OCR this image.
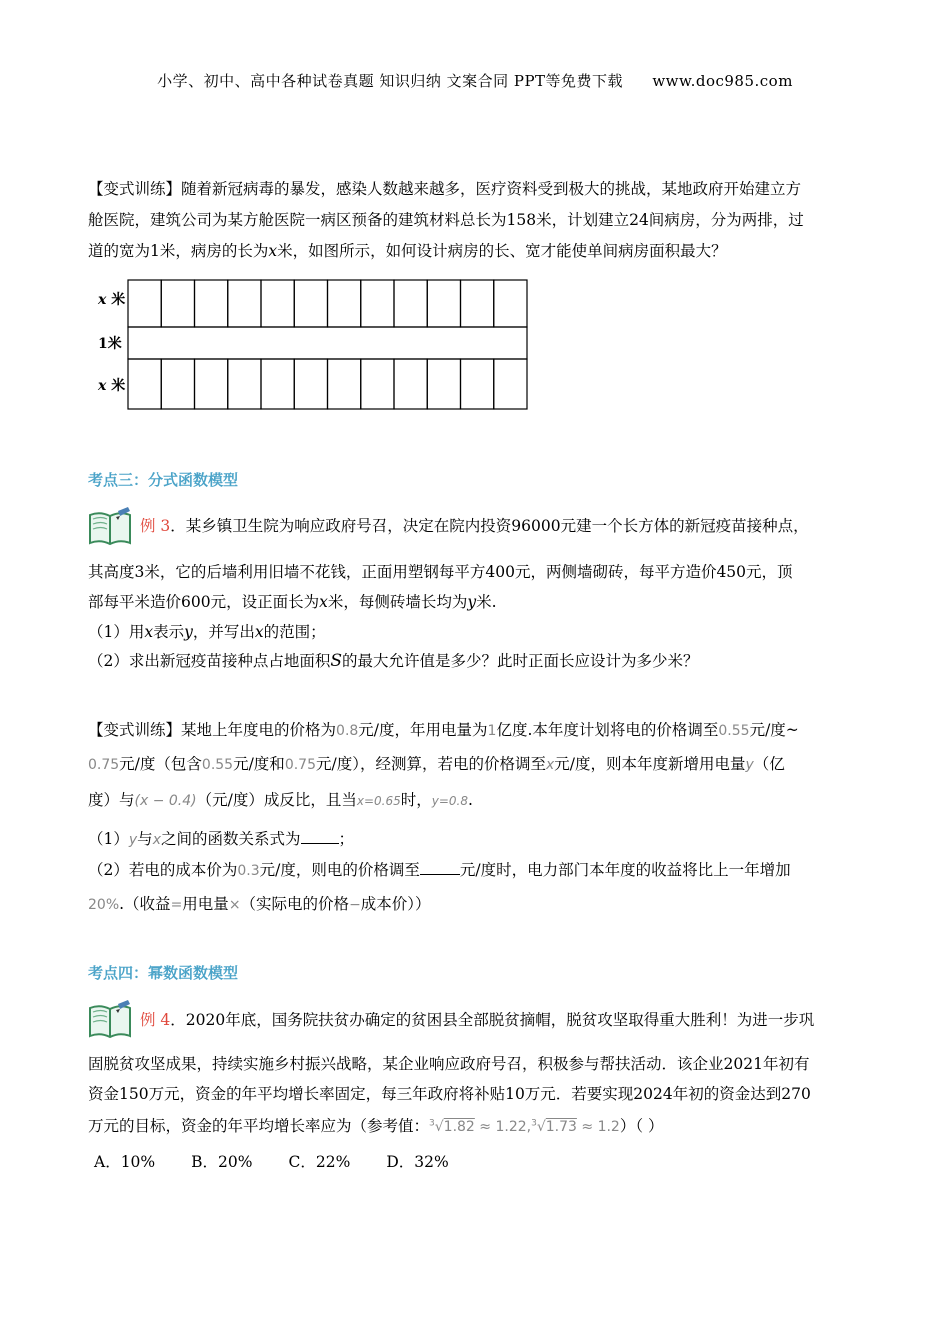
小学、初中、高中各种试卷真题 知识归纳 文案合同 PPT等免费下载 www.doc985.com
【变式训练】随着新冠病毒的暴发，感染人数越来越多，医疗资料受到极大的挑战，某地政府开始建立方
舱医院，建筑公司为某方舱医院一病区预备的建筑材料总长为158米，计划建立24间病房，分为两排，过
道的宽为1米，病房的长为x米，如图所示，如何设计病房的长、宽才能使单间病房面积最大？
x 米
1米
x 米
考点三：分式函数模型
例 3．某乡镇卫生院为响应政府号召，决定在院内投资96000元建一个长方体的新冠疫苗接种点，
其高度3米，它的后墙利用旧墙不花钱，正面用塑钢每平方400元，两侧墙砌砖，每平方造价450元，顶
部每平米造价600元，设正面长为x米，每侧砖墙长均为y米.
（1）用x表示y，并写出x的范围；
（2）求出新冠疫苗接种点占地面积S的最大允许值是多少？此时正面长应设计为多少米？
【变式训练】某地上年度电的价格为0.8元/度，年用电量为1亿度.本年度计划将电的价格调至0.55元/度~
0.75元/度（包含0.55元/度和0.75元/度），经测算，若电的价格调至x元/度，则本年度新增用电量y（亿
度）与(x − 0.4)（元/度）成反比，且当x=0.65时，y=0.8.
（1）y与x之间的函数关系式为 ；
（2）若电的成本价为0.3元/度，则电的价格调至	元/度时，电力部门本年度的收益将比上一年增加
20%.（收益=用电量×（实际电的价格−成本价））
考点四：幂数函数模型
例 4．2020年底，国务院扶贫办确定的贫困县全部脱贫摘帽，脱贫攻坚取得重大胜利！为进一步巩
固脱贫攻坚成果，持续实施乡村振兴战略，某企业响应政府号召，积极参与帮扶活动．该企业2021年初有
资金150万元，资金的年平均增长率固定，每三年政府将补贴10万元．若要实现2024年初的资金达到270
万元的目标，资金的年平均增长率应为（参考值：$^3$√1.82 ≈ 1.22,$^3$√1.73 ≈ 1.2）（ ）
A．10% B．20% C．22% D．32%
